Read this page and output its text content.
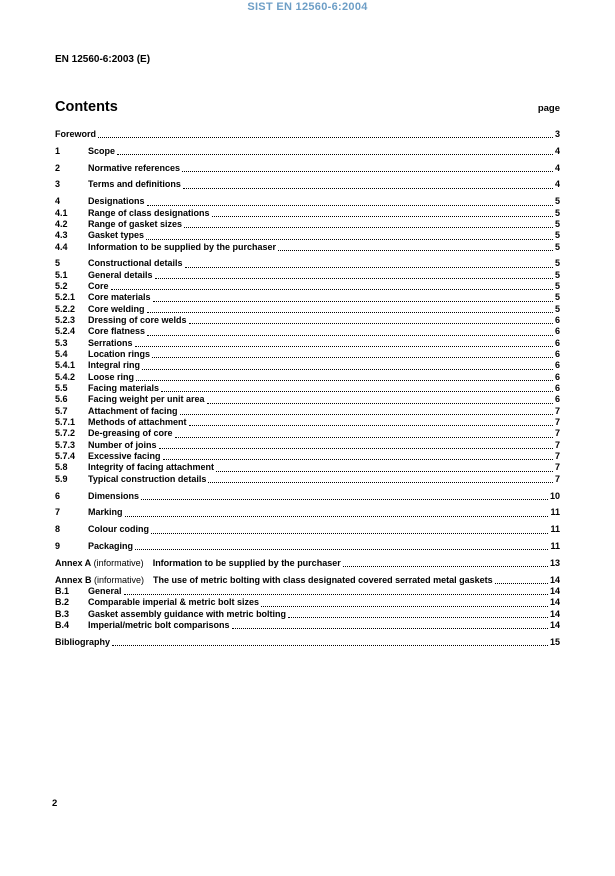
SIST EN 12560-6:2004
EN 12560-6:2003 (E)
Contents	page
Foreword	3
1	Scope	4
2	Normative references	4
3	Terms and definitions	4
4	Designations	5
4.1	Range of class designations	5
4.2	Range of gasket sizes	5
4.3	Gasket types	5
4.4	Information to be supplied by the purchaser	5
5	Constructional details	5
5.1	General details	5
5.2	Core	5
5.2.1	Core materials	5
5.2.2	Core welding	5
5.2.3	Dressing of core welds	6
5.2.4	Core flatness	6
5.3	Serrations	6
5.4	Location rings	6
5.4.1	Integral ring	6
5.4.2	Loose ring	6
5.5	Facing materials	6
5.6	Facing weight per unit area	6
5.7	Attachment of facing	7
5.7.1	Methods of attachment	7
5.7.2	De-greasing of core	7
5.7.3	Number of joins	7
5.7.4	Excessive facing	7
5.8	Integrity of facing attachment	7
5.9	Typical construction details	7
6	Dimensions	10
7	Marking	11
8	Colour coding	11
9	Packaging	11
Annex A (informative) Information to be supplied by the purchaser	13
Annex B (informative) The use of metric bolting with class designated covered serrated metal gaskets	14
B.1	General	14
B.2	Comparable imperial & metric bolt sizes	14
B.3	Gasket assembly guidance with metric bolting	14
B.4	Imperial/metric bolt comparisons	14
Bibliography	15
2
